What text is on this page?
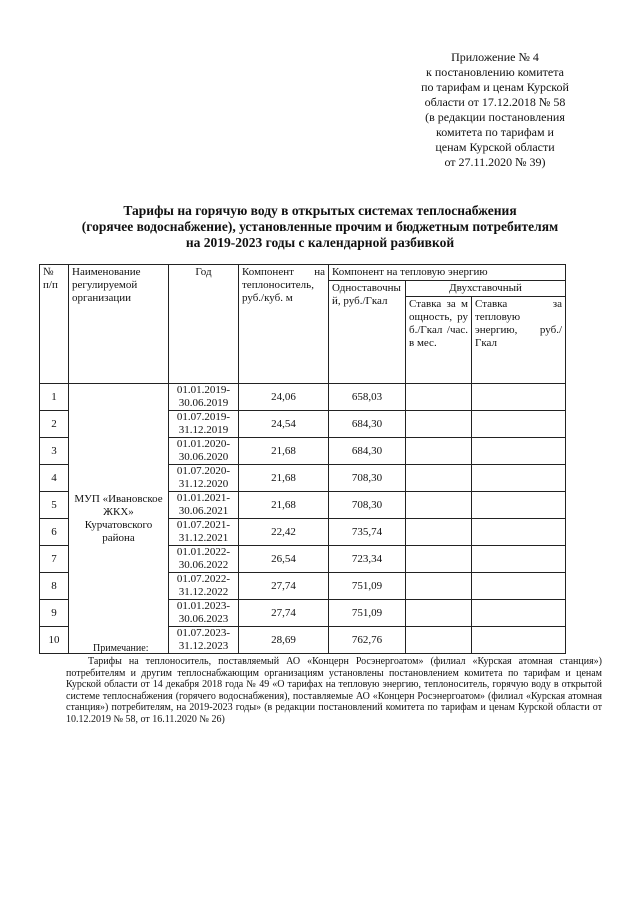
Приложение № 4
к постановлению комитета
по тарифам и ценам Курской
области от 17.12.2018 № 58
(в редакции постановления
комитета по тарифам и
ценам Курской области
от 27.11.2020 № 39)
Тарифы на горячую воду в открытых системах теплоснабжения
(горячее водоснабжение), установленные прочим и бюджетным потребителям
на 2019-2023 годы с календарной разбивкой
№ п/п	Наименование регулируемой организации	Год	Компонент на теплоноситель, руб./куб. м	Компонент на тепловую энергию		
				Одноставочный, руб./Гкал	Двухставочный	
					Ставка за мощность, руб./Гкал /час. в мес.	Ставка за тепловую энергию, руб./Гкал
1	МУП «Ивановское ЖКХ» Курчатовского района	01.01.2019-30.06.2019	24,06	658,03		
2		01.07.2019-31.12.2019	24,54	684,30		
3		01.01.2020-30.06.2020	21,68	684,30		
4		01.07.2020-31.12.2020	21,68	708,30		
5		01.01.2021-30.06.2021	21,68	708,30		
6		01.07.2021-31.12.2021	22,42	735,74		
7		01.01.2022-30.06.2022	26,54	723,34		
8		01.07.2022-31.12.2022	27,74	751,09		
9		01.01.2023-30.06.2023	27,74	751,09		
10		01.07.2023-31.12.2023	28,69	762,76		
Примечание:
Тарифы на теплоноситель, поставляемый АО «Концерн Росэнергоатом» (филиал «Курская атомная станция») потребителям и другим теплоснабжающим организациям установлены постановлением комитета по тарифам и ценам Курской области от 14 декабря 2018 года № 49 «О тарифах на тепловую энергию, теплоноситель, горячую воду в открытой системе теплоснабжения (горячего водоснабжения), поставляемые АО «Концерн Росэнергоатом» (филиал «Курская атомная станция») потребителям, на 2019-2023 годы» (в редакции постановлений комитета по тарифам и ценам Курской области от 10.12.2019 № 58, от 16.11.2020 № 26)
